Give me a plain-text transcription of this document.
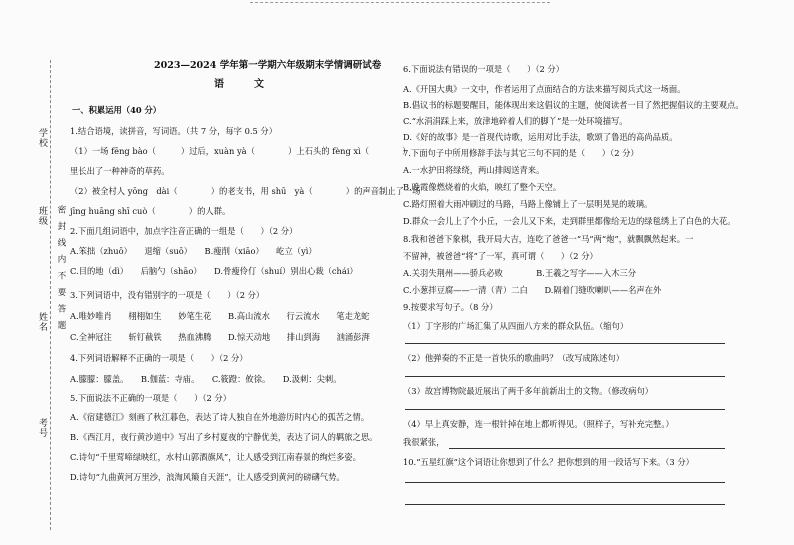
学校
班级
姓名
考号
密封线内不要答题
2023—2024 学年第一学期六年级期末学情调研试卷
语　文
一、积累运用（40 分）
1.结合语境，读拼音，写词语。（共 7 分，每字 0.5 分）
（1）一场 fēng bào（　　　）过后，xuàn yà（　　　　）上石头的 fèng xì（　　　　）
里长出了一种神奇的草药。
（2）被全村人 yōng　dài（　　　　）的老支书，用 shū　yà（　　　　）的声音制止了一场
jīng huāng shī cuò（　　　　）的人群。
2.下面几组词语中，加点字注音正确的一组是（　　）（2 分）
A.笨拙（zhuō）　　退缩（suō）　　B.瘦削（xiāo）　　屹立（yì）
C.目的地（dì）　　后脑勺（shāo）　　D.骨瘦伶仃（shuí）别出心裁（chái）
3.下列词语中，没有错别字的一项是（　　）（2 分）
A.唯妙唯肖　　栩栩如生　　妙笔生花　　B.高山流水　　行云流水　　笔走龙蛇
C.全神冠注　　斩钉截铁　　热血沸腾　　D.惊天动地　　排山到海　　汹涌彭湃
4.下列词语解释不正确的一项是（　　）（2 分）
A.朦朦：朦盖。　　B.伽蓝：寺庙。　　C.筱蹬：攸徐。　　D.汲刺：尖刺。
5.下面说法不正确的一项是（　　）（2 分）
A.《宿建德江》刻画了秋江暮色，表达了诗人独自在外地游历时内心的孤苦之情。
B.《西江月，夜行黄沙道中》写出了乡村夏夜的宁静优美，表达了词人的羁旅之思。
C.诗句“千里莺啼绿映红，水村山郭酒旗风”，让人感受到江南春景的绚烂多姿。
D.诗句“九曲黄河万里沙，浪淘风簸自天涯”，让人感受到黄河的磅礴气势。
6.下面说法有错误的一项是（　　）（2 分）
A.《开国大典》一文中，作者运用了点面结合的方法来描写阅兵式这一场面。
B.倡议书的标题要醒目，能体现出来这倡议的主题，使阅读者一目了然把握倡议的主要观点。
C.“水涓涓踩上来，放津地碎着人们的脚丫”是一处环境描写。
D.《好的故事》是一首现代诗歌，运用对比手法，歌颂了鲁迅的高尚品质。
7.下面句子中所用修辞手法与其它三句不同的是（　　）（2 分）
A.一水护田将绿绕，两山排闼送青来。
B.晚霞像燃烧着的火焰，映红了整个天空。
C.路灯照着大雨冲刷过的马路，马路上像铺上了一层明晃晃的玻璃。
D.群众一会儿上了个小丘，一会儿又下来，走到群里都像给无边的绿毯绣上了白色的大花。
8.我和爸爸下象棋，我开局大吉，连吃了爸爸一“马”两“炮”，就飘飘然起来。一
不留神，被爸爸“将”了一军，真可谓（　　）（2 分）
A.关羽失荆州——骄兵必败　　　　B.王羲之写字——入木三分
C.小葱拌豆腐——一清（青）二白　　D.隔着门缝吹喇叭——名声在外
9.按要求写句子。（8 分）
（1）丁字形的广场汇集了从四面八方来的群众队伍。（缩句）
（2）他弹奏的不正是一首快乐的歌曲吗？（改写成陈述句）
（3）故宫博物院最近展出了两千多年前新出土的文物。（修改病句）
（4）早上真安静，连一根针掉在地上都听得见。（照样子，写补充完整。）
我很紧张，
10.“五星红旗”这个词语让你想到了什么？把你想到的用一段话写下来。（3 分）
